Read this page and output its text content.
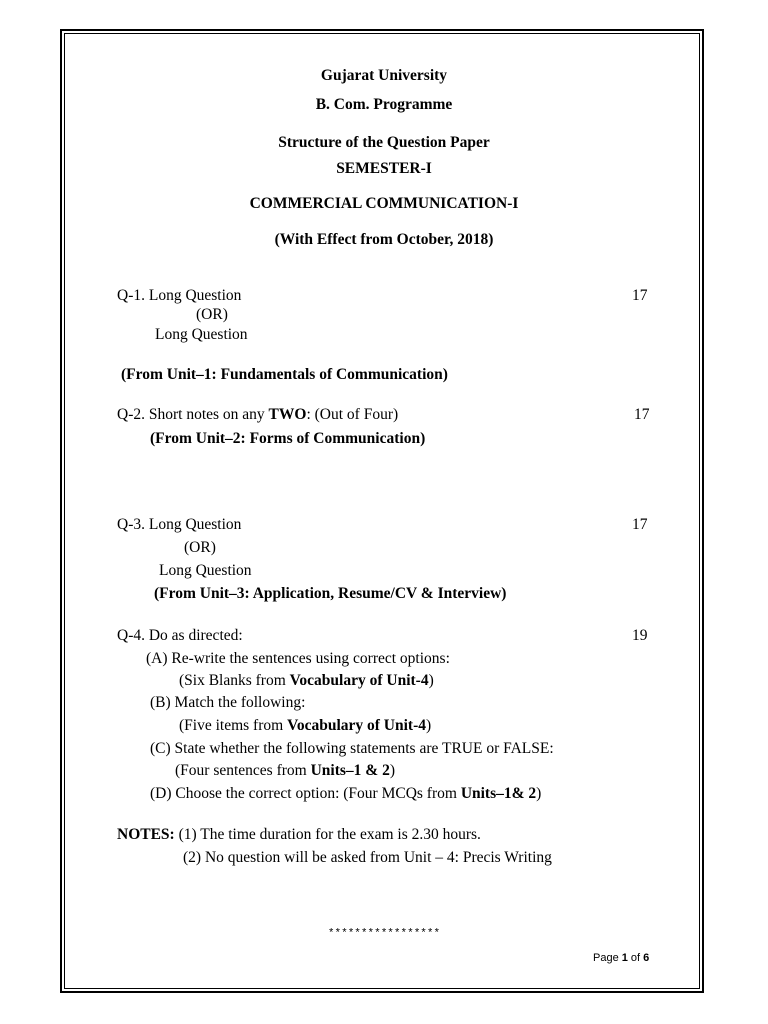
Gujarat University
B. Com. Programme
Structure of the Question Paper
SEMESTER-I
COMMERCIAL COMMUNICATION-I
(With Effect from October, 2018)
Q-1. Long Question	17
(OR)
Long Question
(From Unit–1: Fundamentals of Communication)
Q-2. Short notes on any TWO: (Out of Four)	17
(From Unit–2: Forms of Communication)
Q-3. Long Question	17
(OR)
Long Question
(From Unit–3: Application, Resume/CV & Interview)
Q-4. Do as directed:	19
(A) Re-write the sentences using correct options:
(Six Blanks from Vocabulary of Unit-4)
(B) Match the following:
(Five items from Vocabulary of Unit-4)
(C) State whether the following statements are TRUE or FALSE:
(Four sentences from Units–1 & 2)
(D) Choose the correct option: (Four MCQs from Units–1& 2)
NOTES: (1) The time duration for the exam is 2.30 hours.
(2) No question will be asked from Unit – 4: Precis Writing
*****************
Page 1 of 6
